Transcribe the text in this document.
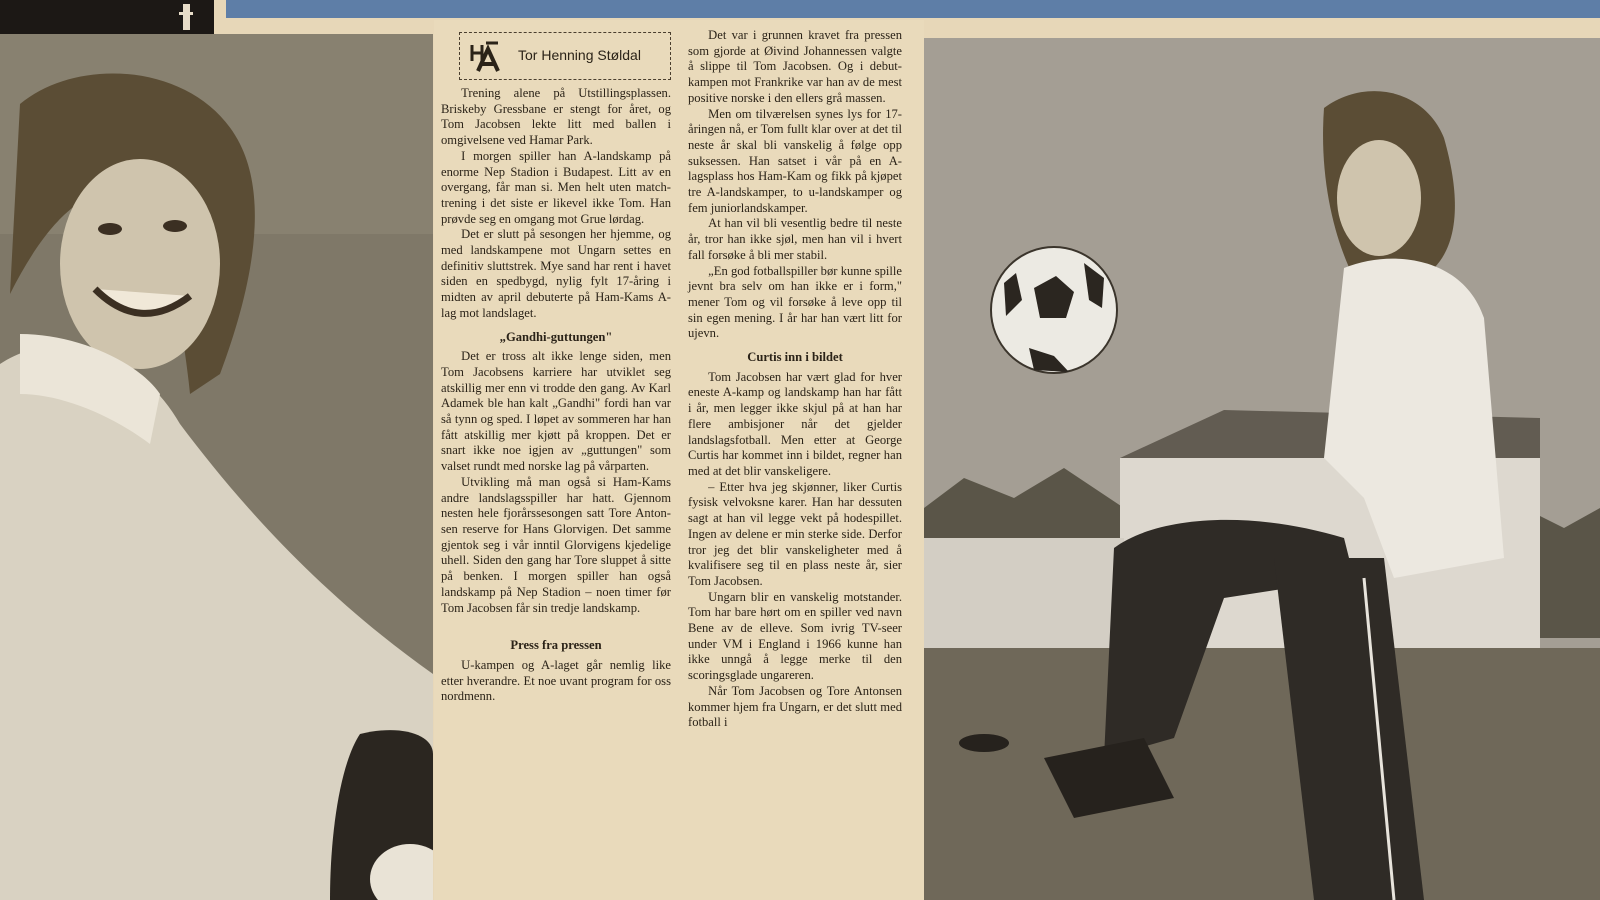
Tor Henning Støldal

Trening alene på Utstillingsplassen. Briskeby Gressbane er stengt for året, og Tom Jacobsen lekte litt med ballen i omgivelsene ved Hamar Park.

I morgen spiller han A-landskamp på enorme Nep Stadion i Budapest. Litt av en overgang, får man si. Men helt uten matchtrening i det siste er likevel ikke Tom. Han prøvde seg en omgang mot Grue lørdag.

Det er slutt på sesongen her hjemme, og med landskampene mot Ungarn settes en definitiv sluttstrek. Mye sand har rent i havet siden en spedbygd, nylig fylt 17-åring i midten av april debuterte på Ham-Kams A-lag mot landslaget.

„Gandhi-guttungen"

Det er tross alt ikke lenge siden, men Tom Jacobsens karriere har utviklet seg atskillig mer enn vi trodde den gang. Av Karl Adamek ble han kalt „Gandhi" fordi han var så tynn og sped. I løpet av sommeren har han fått atskillig mer kjøtt på kroppen. Det er snart ikke noe igjen av „guttungen" som valset rundt med norske lag på vårparten.

Utvikling må man også si Ham-Kams andre landslagsspiller har hatt. Gjennom nesten hele fjorårssesongen satt Tore Antonsen reserve for Hans Glorvigen. Det samme gjentok seg i vår inntil Glorvigens kjedelige uhell. Siden den gang har Tore sluppet å sitte på benken. I morgen spiller han også landskamp på Nep Stadion – noen timer før Tom Jacobsen får sin tredje landskamp.

Press fra pressen

U-kampen og A-laget går nemlig like etter hverandre. Et noe uvant program for oss nordmenn.

Det var i grunnen kravet fra pressen som gjorde at Øivind Johannessen valgte å slippe til Tom Jacobsen. Og i debutkampen mot Frankrike var han av de mest positive norske i den ellers grå massen.

Men om tilværelsen synes lys for 17-åringen nå, er Tom fullt klar over at det til neste år skal bli vanskelig å følge opp suksessen. Han satset i vår på en A-lagsplass hos Ham-Kam og fikk på kjøpet tre A-landskamper, to u-landskamper og fem juniorlandskamper.

At han vil bli vesentlig bedre til neste år, tror han ikke sjøl, men han vil i hvert fall forsøke å bli mer stabil.

„En god fotballspiller bør kunne spille jevnt bra selv om han ikke er i form," mener Tom og vil forsøke å leve opp til sin egen mening. I år har han vært litt for ujevn.

Curtis inn i bildet

Tom Jacobsen har vært glad for hver eneste A-kamp og landskamp han har fått i år, men legger ikke skjul på at han har flere ambisjoner når det gjelder landslagsfotball. Men etter at George Curtis har kommet inn i bildet, regner han med at det blir vanskeligere.

– Etter hva jeg skjønner, liker Curtis fysisk velvoksne karer. Han har dessuten sagt at han vil legge vekt på hodespillet. Ingen av delene er min sterke side. Derfor tror jeg det blir vanskeligheter med å kvalifisere seg til en plass neste år, sier Tom Jacobsen.

Ungarn blir en vanskelig motstander. Tom har bare hørt om en spiller ved navn Bene av de elleve. Som ivrig TV-seer under VM i England i 1966 kunne han ikke unngå å legge merke til den scoringsglade ungareren.

Når Tom Jacobsen og Tore Antonsen kommer hjem fra Ungarn, er det slutt med fotball i
